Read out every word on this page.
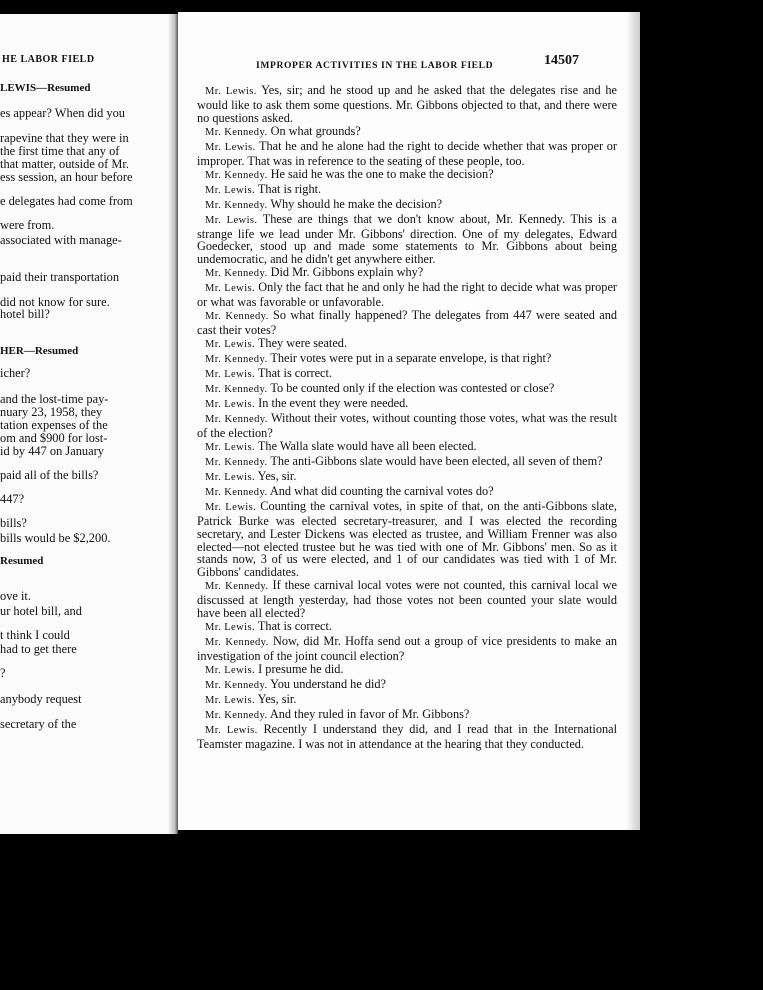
HE LABOR FIELD
LEWIS—Resumed
es appear? When did you
rapevine that they were in
the first time that any of
that matter, outside of Mr.
ess session, an hour before
e delegates had come from
were from.
associated with manage-
paid their transportation
did not know for sure.
hotel bill?
HER—Resumed
icher?
and the lost-time pay-
nuary 23, 1958, they
tation expenses of the
om and $900 for lost-
id by 447 on January
paid all of the bills?
447?
bills?
bills would be $2,200.
Resumed
ove it.
ur hotel bill, and
t think I could
had to get there
?
anybody request
secretary of the
IMPROPER ACTIVITIES IN THE LABOR FIELD	14507

Mr. Lewis. Yes, sir; and he stood up and he asked that the delegates rise and he would like to ask them some questions. Mr. Gibbons objected to that, and there were no questions asked.

Mr. Kennedy. On what grounds?

Mr. Lewis. That he and he alone had the right to decide whether that was proper or improper. That was in reference to the seating of these people, too.

Mr. Kennedy. He said he was the one to make the decision?

Mr. Lewis. That is right.

Mr. Kennedy. Why should he make the decision?

Mr. Lewis. These are things that we don't know about, Mr. Kennedy. This is a strange life we lead under Mr. Gibbons' direction. One of my delegates, Edward Goedecker, stood up and made some statements to Mr. Gibbons about being undemocratic, and he didn't get anywhere either.

Mr. Kennedy. Did Mr. Gibbons explain why?

Mr. Lewis. Only the fact that he and only he had the right to decide what was proper or what was favorable or unfavorable.

Mr. Kennedy. So what finally happened? The delegates from 447 were seated and cast their votes?

Mr. Lewis. They were seated.

Mr. Kennedy. Their votes were put in a separate envelope, is that right?

Mr. Lewis. That is correct.

Mr. Kennedy. To be counted only if the election was contested or close?

Mr. Lewis. In the event they were needed.

Mr. Kennedy. Without their votes, without counting those votes, what was the result of the election?

Mr. Lewis. The Walla slate would have all been elected.

Mr. Kennedy. The anti-Gibbons slate would have been elected, all seven of them?

Mr. Lewis. Yes, sir.

Mr. Kennedy. And what did counting the carnival votes do?

Mr. Lewis. Counting the carnival votes, in spite of that, on the anti-Gibbons slate, Patrick Burke was elected secretary-treasurer, and I was elected the recording secretary, and Lester Dickens was elected as trustee, and William Frenner was also elected—not elected trustee but he was tied with one of Mr. Gibbons' men. So as it stands now, 3 of us were elected, and 1 of our candidates was tied with 1 of Mr. Gibbons' candidates.

Mr. Kennedy. If these carnival local votes were not counted, this carnival local we discussed at length yesterday, had those votes not been counted your slate would have been all elected?

Mr. Lewis. That is correct.

Mr. Kennedy. Now, did Mr. Hoffa send out a group of vice presidents to make an investigation of the joint council election?

Mr. Lewis. I presume he did.

Mr. Kennedy. You understand he did?

Mr. Lewis. Yes, sir.

Mr. Kennedy. And they ruled in favor of Mr. Gibbons?

Mr. Lewis. Recently I understand they did, and I read that in the International Teamster magazine. I was not in attendance at the hearing that they conducted.
